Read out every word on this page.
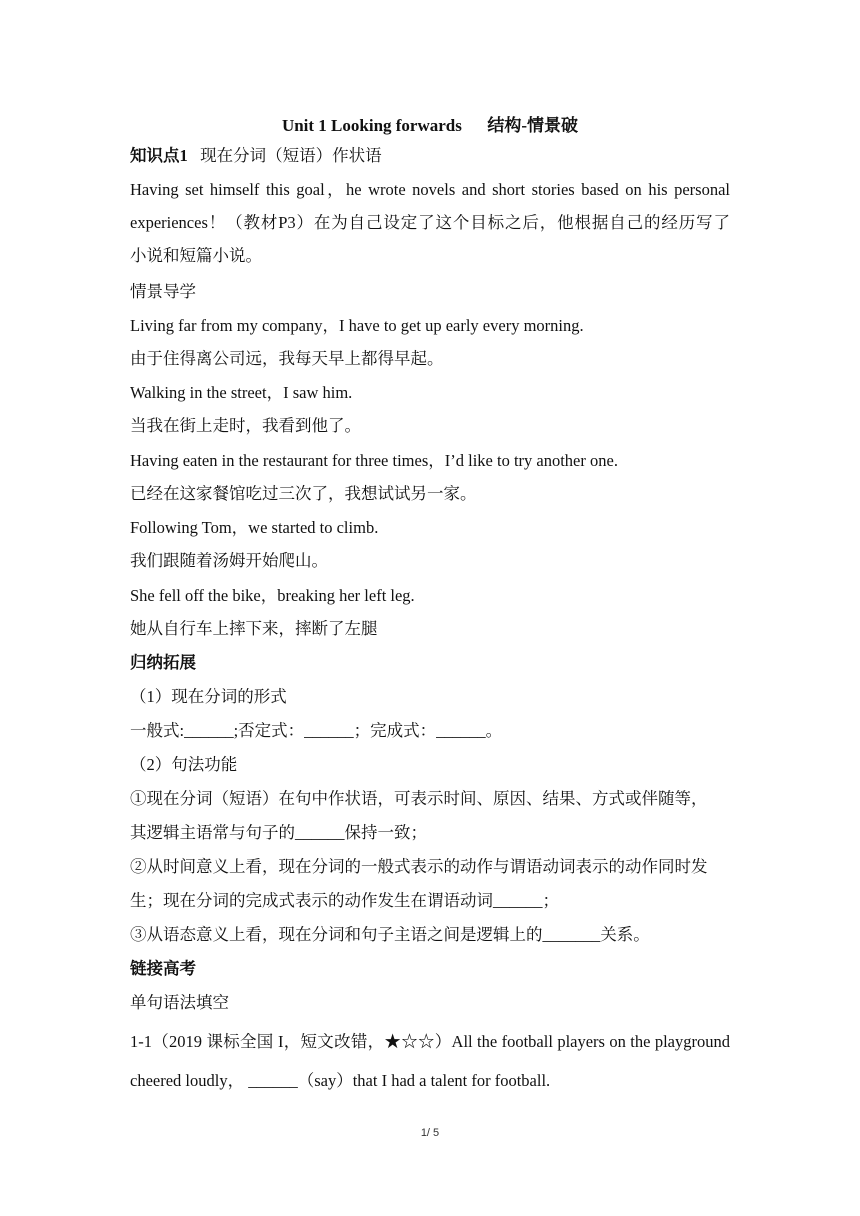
Unit 1 Looking forwards      结构-情景破
知识点1 现在分词（短语）作状语
Having set himself this goal，he wrote novels and short stories based on his personal
experiences！（教材P3）在为自己设定了这个目标之后，他根据自己的经历写了
小说和短篇小说。
情景导学
Living far from my company，I have to get up early every morning.
由于住得离公司远，我每天早上都得早起。
Walking in the street，I saw him.
当我在街上走时，我看到他了。
Having eaten in the restaurant for three times，I’d like to try another one.
已经在这家餐馆吃过三次了，我想试试另一家。
Following Tom，we started to climb.
我们跟随着汤姆开始爬山。
She fell off the bike，breaking her left leg.
她从自行车上摔下来，摔断了左腿
归纳拓展
（1）现在分词的形式
一般式:______;否定式：______；完成式：______。
（2）句法功能
①现在分词（短语）在句中作状语，可表示时间、原因、结果、方式或伴随等，
其逻辑主语常与句子的______保持一致；
②从时间意义上看，现在分词的一般式表示的动作与谓语动词表示的动作同时发
生；现在分词的完成式表示的动作发生在谓语动词______；
③从语态意义上看，现在分词和句子主语之间是逻辑上的_______关系。
链接高考
单句语法填空
1-1（2019 课标全国 I，短文改错，★☆☆）All the football players on the playground
cheered loudly， ______（say）that I had a talent for football.
1/ 5
